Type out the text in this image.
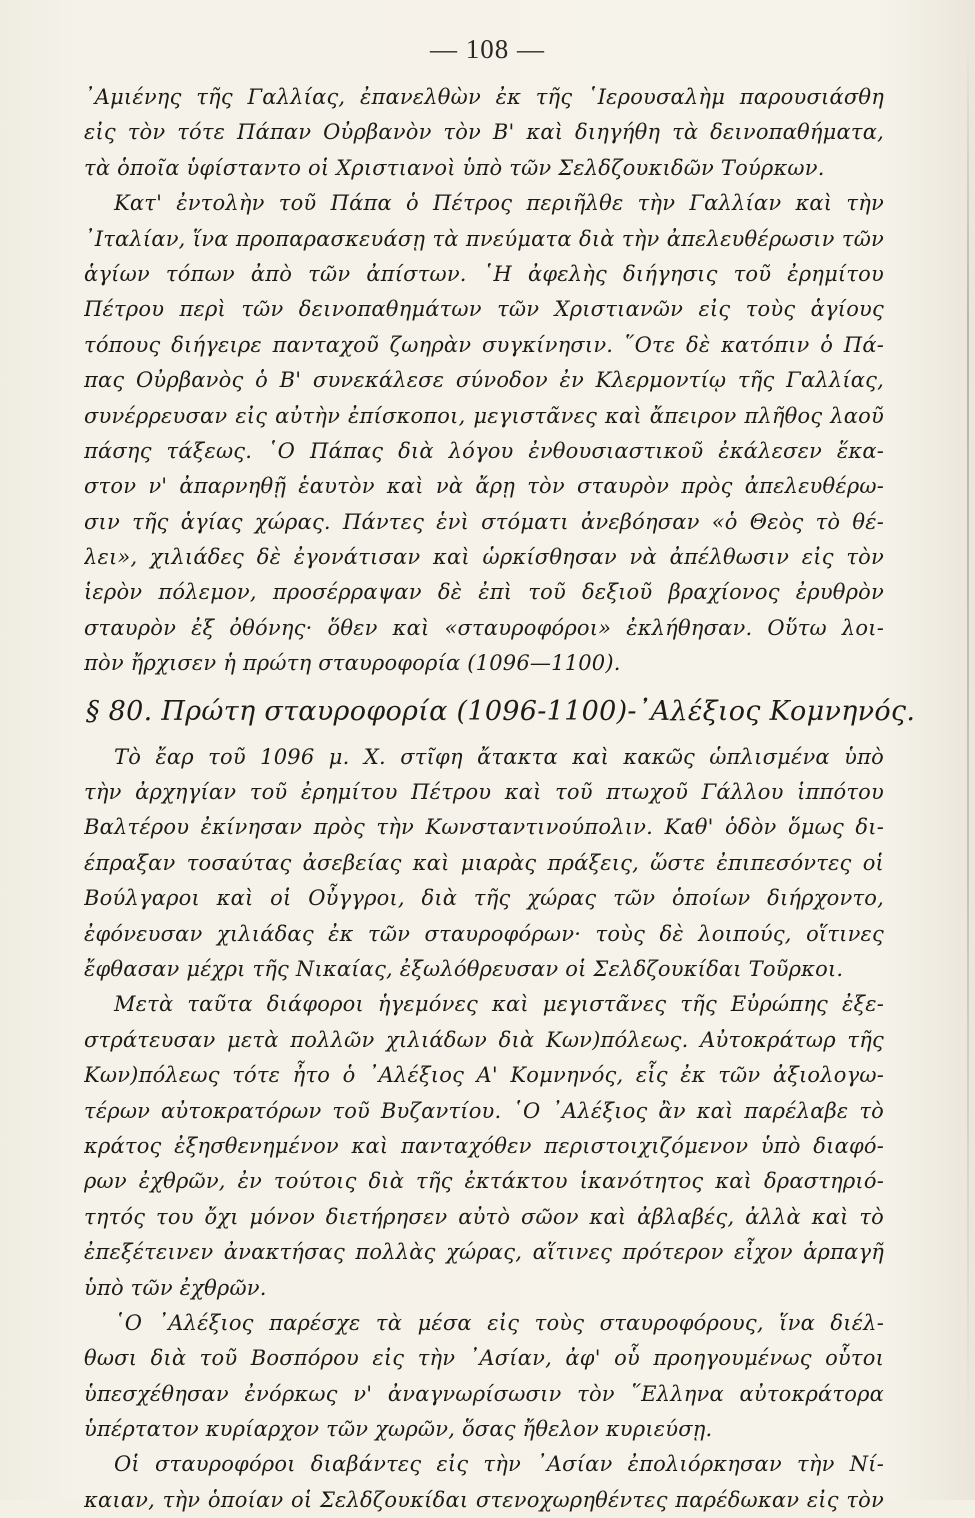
— 108 —
᾿Αμιένης τῆς Γαλλίας, ἐπανελθὼν ἐκ τῆς ῾Ιερουσαλὴμ παρουσιάσθη
εἰς τὸν τότε Πάπαν Οὐρβανὸν τὸν Β' καὶ διηγήθη τὰ δεινοπαθήματα,
τὰ ὁποῖα ὑφίσταντο οἱ Χριστιανοὶ ὑπὸ τῶν Σελδζουκιδῶν Τούρκων.
Κατ' ἐντολὴν τοῦ Πάπα ὁ Πέτρος περιῆλθε τὴν Γαλλίαν καὶ τὴν
᾿Ιταλίαν, ἵνα προπαρασκευάσῃ τὰ πνεύματα διὰ τὴν ἀπελευθέρωσιν τῶν
ἁγίων τόπων ἀπὸ τῶν ἀπίστων. ῾Η ἀφελὴς διήγησις τοῦ ἐρημίτου
Πέτρου περὶ τῶν δεινοπαθημάτων τῶν Χριστιανῶν εἰς τοὺς ἁγίους
τόπους διήγειρε πανταχοῦ ζωηρὰν συγκίνησιν. ῞Οτε δὲ κατόπιν ὁ Πά-
πας Οὐρβανὸς ὁ Β' συνεκάλεσε σύνοδον ἐν Κλερμοντίῳ τῆς Γαλλίας,
συνέρρευσαν εἰς αὐτὴν ἐπίσκοποι, μεγιστᾶνες καὶ ἄπειρον πλῆθος λαοῦ
πάσης τάξεως. ῾Ο Πάπας διὰ λόγου ἐνθουσιαστικοῦ ἐκάλεσεν ἕκα-
στον ν' ἀπαρνηθῇ ἑαυτὸν καὶ νὰ ἄρῃ τὸν σταυρὸν πρὸς ἀπελευθέρω-
σιν τῆς ἁγίας χώρας. Πάντες ἑνὶ στόματι ἀνεβόησαν «ὁ Θεὸς τὸ θέ-
λει», χιλιάδες δὲ ἐγονάτισαν καὶ ὡρκίσθησαν νὰ ἀπέλθωσιν εἰς τὸν
ἱερὸν πόλεμον, προσέρραψαν δὲ ἐπὶ τοῦ δεξιοῦ βραχίονος ἐρυθρὸν
σταυρὸν ἐξ ὀθόνης· ὅθεν καὶ «σταυροφόροι» ἐκλήθησαν. Οὕτω λοι-
πὸν ἤρχισεν ἡ πρώτη σταυροφορία (1096—1100).
§ 80. Πρώτη σταυροφορία (1096-1100)-᾿Αλέξιος Κομνηνός.
Τὸ ἔαρ τοῦ 1096 μ. Χ. στῖφη ἄτακτα καὶ κακῶς ὡπλισμένα ὑπὸ
τὴν ἀρχηγίαν τοῦ ἐρημίτου Πέτρου καὶ τοῦ πτωχοῦ Γάλλου ἱππότου
Βαλτέρου ἐκίνησαν πρὸς τὴν Κωνσταντινούπολιν. Καθ' ὁδὸν ὅμως δι-
έπραξαν τοσαύτας ἀσεβείας καὶ μιαρὰς πράξεις, ὥστε ἐπιπεσόντες οἱ
Βούλγαροι καὶ οἱ Οὖγγροι, διὰ τῆς χώρας τῶν ὁποίων διήρχοντο,
ἐφόνευσαν χιλιάδας ἐκ τῶν σταυροφόρων· τοὺς δὲ λοιπούς, οἵτινες
ἔφθασαν μέχρι τῆς Νικαίας, ἐξωλόθρευσαν οἱ Σελδζουκίδαι Τοῦρκοι.
Μετὰ ταῦτα διάφοροι ἡγεμόνες καὶ μεγιστᾶνες τῆς Εὐρώπης ἐξε-
στράτευσαν μετὰ πολλῶν χιλιάδων διὰ Κων)πόλεως. Αὐτοκράτωρ τῆς
Κων)πόλεως τότε ἦτο ὁ ᾿Αλέξιος Α' Κομνηνός, εἷς ἐκ τῶν ἀξιολογω-
τέρων αὐτοκρατόρων τοῦ Βυζαντίου. ῾Ο ᾿Αλέξιος ἂν καὶ παρέλαβε τὸ
κράτος ἐξησθενημένον καὶ πανταχόθεν περιστοιχιζόμενον ὑπὸ διαφό-
ρων ἐχθρῶν, ἐν τούτοις διὰ τῆς ἐκτάκτου ἱκανότητος καὶ δραστηριό-
τητός του ὄχι μόνον διετήρησεν αὐτὸ σῶον καὶ ἀβλαβές, ἀλλὰ καὶ τὸ
ἐπεξέτεινεν ἀνακτήσας πολλὰς χώρας, αἵτινες πρότερον εἶχον ἁρπαγῆ
ὑπὸ τῶν ἐχθρῶν.
῾Ο ᾿Αλέξιος παρέσχε τὰ μέσα εἰς τοὺς σταυροφόρους, ἵνα διέλ-
θωσι διὰ τοῦ Βοσπόρου εἰς τὴν ᾿Ασίαν, ἀφ' οὗ προηγουμένως οὗτοι
ὑπεσχέθησαν ἐνόρκως ν' ἀναγνωρίσωσιν τὸν ῞Ελληνα αὐτοκράτορα
ὑπέρτατον κυρίαρχον τῶν χωρῶν, ὅσας ἤθελον κυριεύσῃ.
Οἱ σταυροφόροι διαβάντες εἰς τὴν ᾿Ασίαν ἐπολιόρκησαν τὴν Νί-
καιαν, τὴν ὁποίαν οἱ Σελδζουκίδαι στενοχωρηθέντες παρέδωκαν εἰς τὸν
